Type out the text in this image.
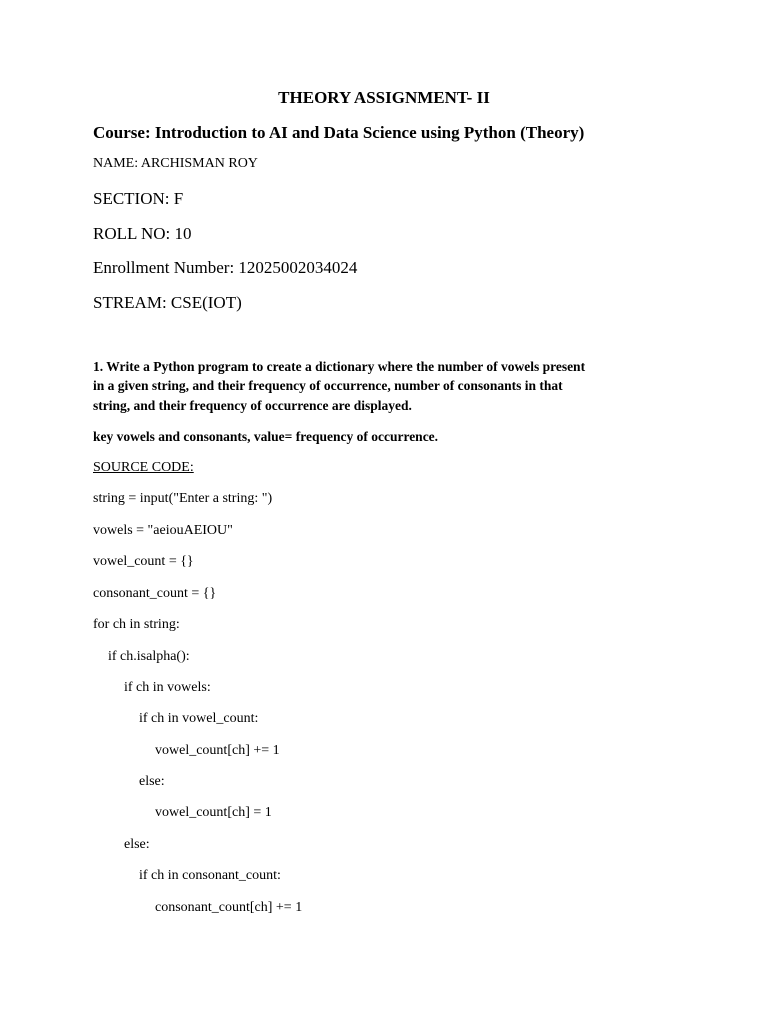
THEORY ASSIGNMENT- II
Course: Introduction to AI and Data Science using Python (Theory)
NAME: ARCHISMAN ROY
SECTION: F
ROLL NO: 10
Enrollment Number: 12025002034024
STREAM: CSE(IOT)
1. Write a Python program to create a dictionary where the number of vowels present
in a given string, and their frequency of occurrence, number of consonants in that
string, and their frequency of occurrence are displayed.
key vowels and consonants, value= frequency of occurrence.
SOURCE CODE:
string = input("Enter a string: ")
vowels = "aeiouAEIOU"
vowel_count = {}
consonant_count = {}
for ch in string:
if ch.isalpha():
if ch in vowels:
if ch in vowel_count:
vowel_count[ch] += 1
else:
vowel_count[ch] = 1
else:
if ch in consonant_count:
consonant_count[ch] += 1
